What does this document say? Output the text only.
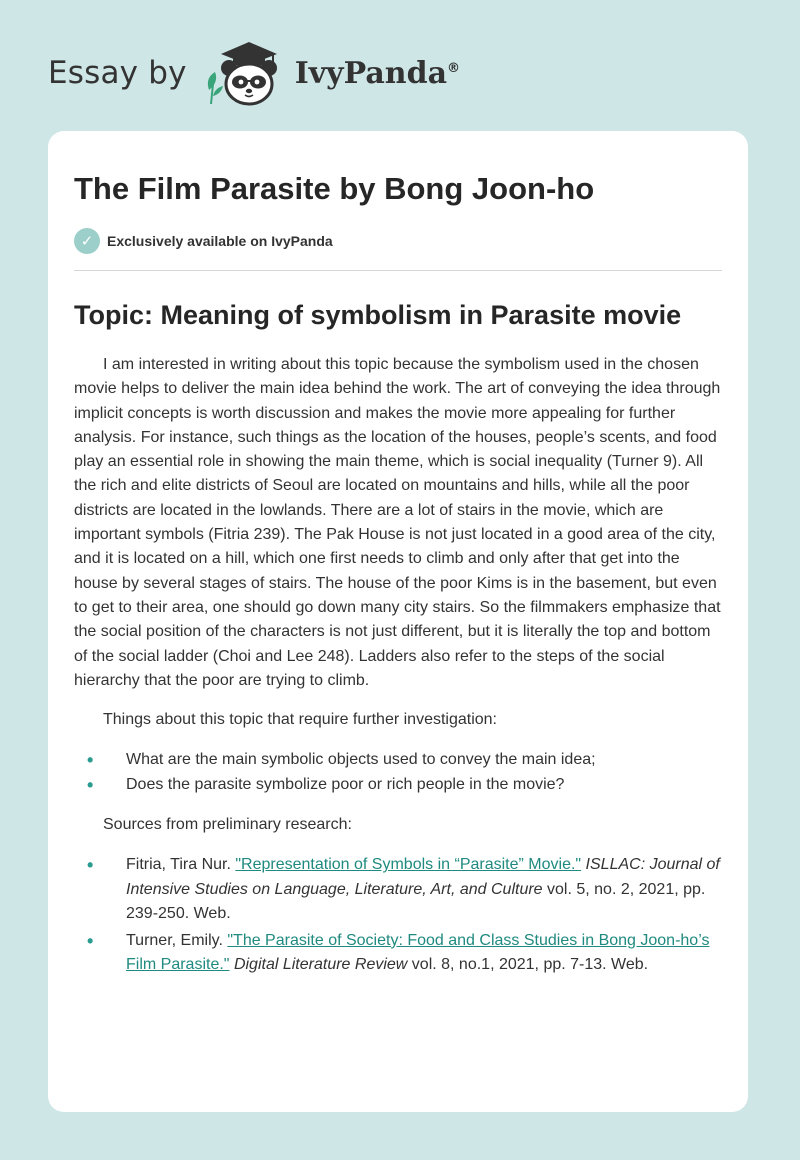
Essay by	IvyPanda®
The Film Parasite by Bong Joon-ho
✓ Exclusively available on IvyPanda
Topic: Meaning of symbolism in Parasite movie

I am interested in writing about this topic because the symbolism used in the chosen movie helps to deliver the main idea behind the work. The art of conveying the idea through implicit concepts is worth discussion and makes the movie more appealing for further analysis. For instance, such things as the location of the houses, people’s scents, and food play an essential role in showing the main theme, which is social inequality (Turner 9). All the rich and elite districts of Seoul are located on mountains and hills, while all the poor districts are located in the lowlands. There are a lot of stairs in the movie, which are important symbols (Fitria 239). The Pak House is not just located in a good area of the city, and it is located on a hill, which one first needs to climb and only after that get into the house by several stages of stairs. The house of the poor Kims is in the basement, but even to get to their area, one should go down many city stairs. So the filmmakers emphasize that the social position of the characters is not just different, but it is literally the top and bottom of the social ladder (Choi and Lee 248). Ladders also refer to the steps of the social hierarchy that the poor are trying to climb.

Things about this topic that require further investigation:

• What are the main symbolic objects used to convey the main idea;
• Does the parasite symbolize poor or rich people in the movie?

Sources from preliminary research:

• Fitria, Tira Nur. "Representation of Symbols in “Parasite” Movie." ISLLAC: Journal of Intensive Studies on Language, Literature, Art, and Culture vol. 5, no. 2, 2021, pp. 239-250. Web.
• Turner, Emily. "The Parasite of Society: Food and Class Studies in Bong Joon-ho’s Film Parasite." Digital Literature Review vol. 8, no.1, 2021, pp. 7-13. Web.
